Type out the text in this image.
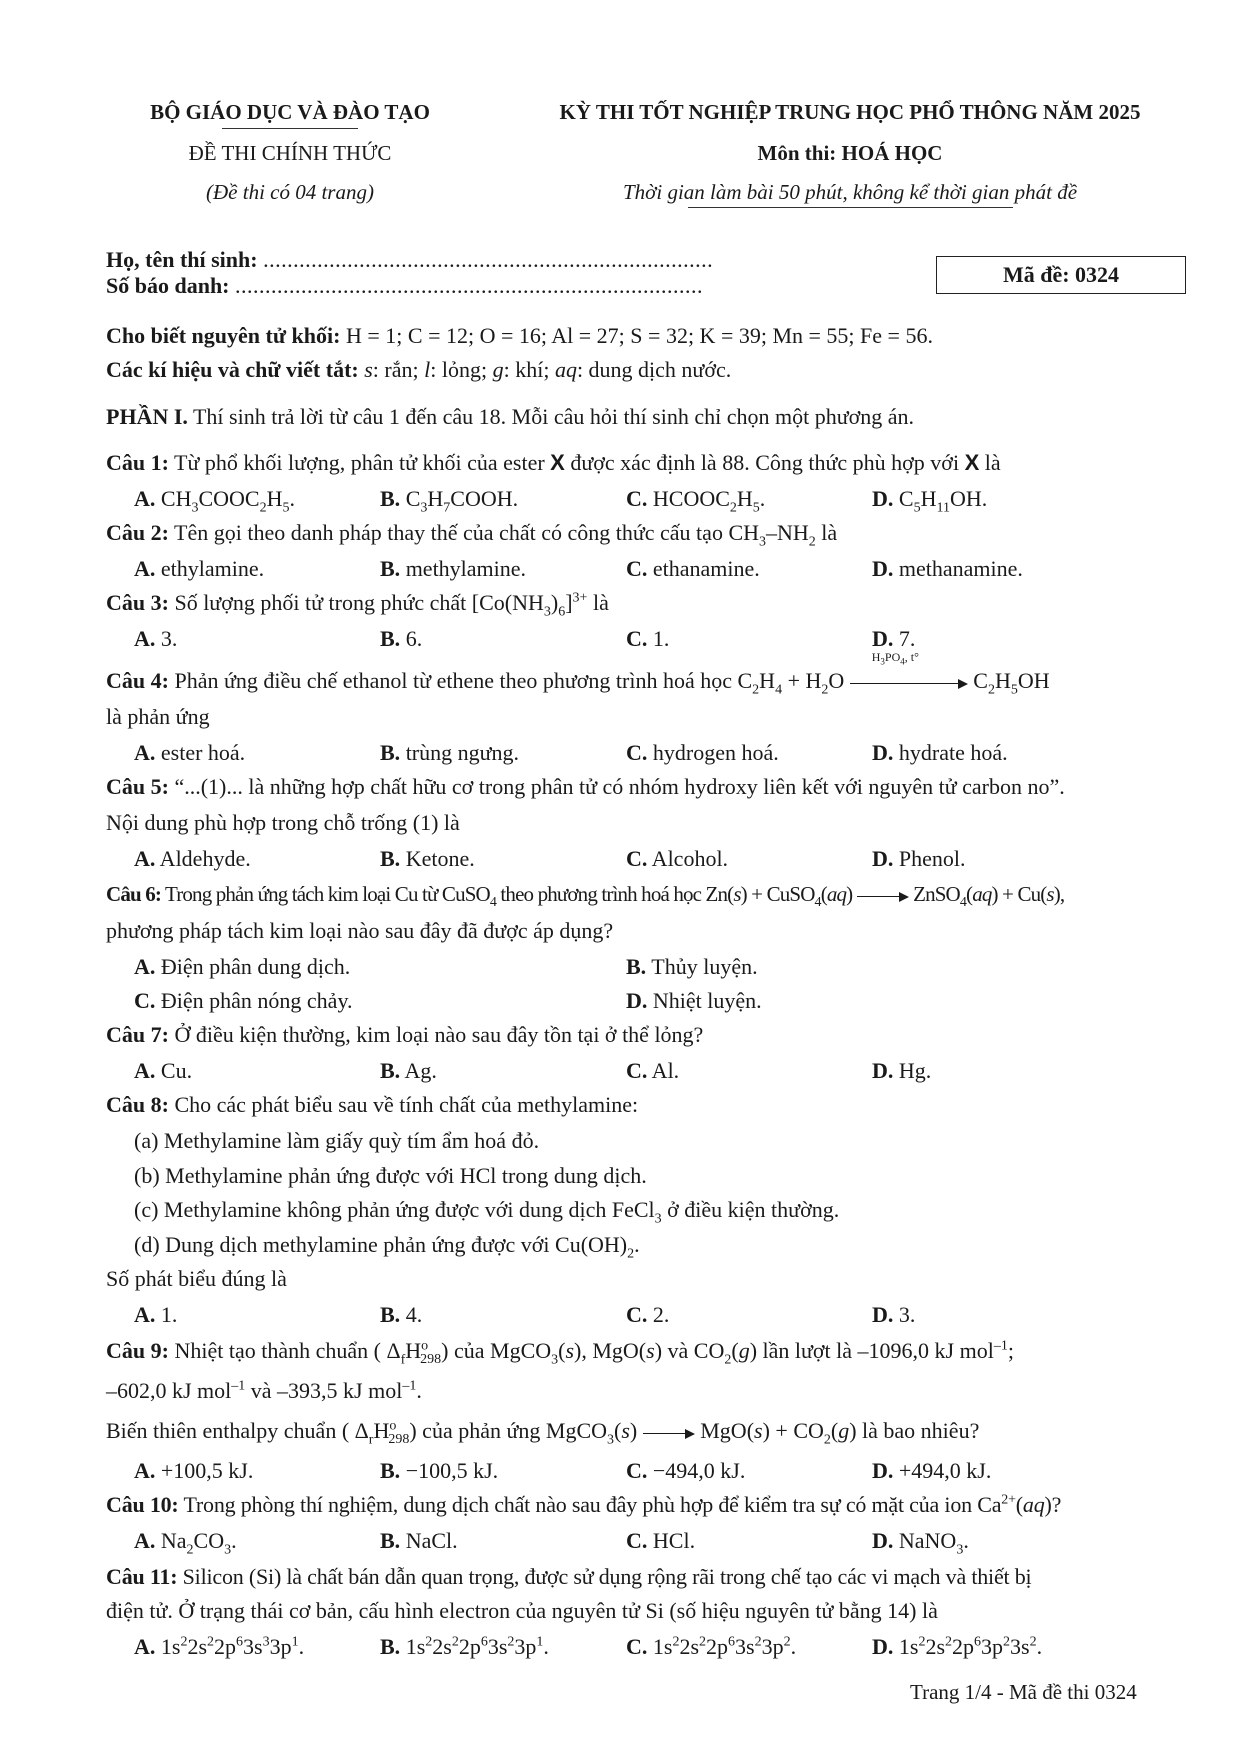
BỘ GIÁO DỤC VÀ ĐÀO TẠO
ĐỀ THI CHÍNH THỨC
(Đề thi có 04 trang)
KỲ THI TỐT NGHIỆP TRUNG HỌC PHỔ THÔNG NĂM 2025
Môn thi: HOÁ HỌC
Thời gian làm bài 50 phút, không kể thời gian phát đề
Họ, tên thí sinh: ...........................................................................
Số báo danh: ..............................................................................	Mã đề: 0324
Cho biết nguyên tử khối: H = 1; C = 12; O = 16; Al = 27; S = 32; K = 39; Mn = 55; Fe = 56.
Các kí hiệu và chữ viết tắt: s: rắn; l: lỏng; g: khí; aq: dung dịch nước.
PHẦN I. Thí sinh trả lời từ câu 1 đến câu 18. Mỗi câu hỏi thí sinh chỉ chọn một phương án.
Câu 1: Từ phổ khối lượng, phân tử khối của ester X được xác định là 88. Công thức phù hợp với X là
A. $CH_3COOC_2H_5$.	B. $C_3H_7COOH$.	C. $HCOOC_2H_5$.	D. $C_5H_{11}OH$.
Câu 2: Tên gọi theo danh pháp thay thế của chất có công thức cấu tạo $CH_3-NH_2$ là
A. ethylamine.	B. methylamine.	C. ethanamine.	D. methanamine.
Câu 3: Số lượng phối tử trong phức chất $[Co(NH_3)_6]^{3+}$ là
A. 3.	B. 6.	C. 1.	D. 7.
Câu 4: Phản ứng điều chế ethanol từ ethene theo phương trình hoá học $C_2H_4 + H_2O$
$H_3PO_4$, t°
$C_2H_5OH$
là phản ứng
A. ester hoá.	B. trùng ngưng.	C. hydrogen hoá.	D. hydrate hoá.
Câu 5: “...(1)... là những hợp chất hữu cơ trong phân tử có nhóm hydroxy liên kết với nguyên tử carbon no”.
Nội dung phù hợp trong chỗ trống (1) là
A. Aldehyde.	B. Ketone.	C. Alcohol.	D. Phenol.
Câu 6: Trong phản ứng tách kim loại Cu từ CuSO$_4$ theo phương trình hoá học Zn(s) + CuSO$_4$(aq)  ZnSO$_4$(aq) + Cu(s),
phương pháp tách kim loại nào sau đây đã được áp dụng?
A. Điện phân dung dịch.	B. Thủy luyện.
C. Điện phân nóng chảy.	D. Nhiệt luyện.
Câu 7: Ở điều kiện thường, kim loại nào sau đây tồn tại ở thể lỏng?
A. Cu.	B. Ag.	C. Al.	D. Hg.
Câu 8: Cho các phát biểu sau về tính chất của methylamine:
(a) Methylamine làm giấy quỳ tím ẩm hoá đỏ.
(b) Methylamine phản ứng được với HCl trong dung dịch.
(c) Methylamine không phản ứng được với dung dịch FeCl$_3$ ở điều kiện thường.
(d) Dung dịch methylamine phản ứng được với $Cu(OH)_2$.
Số phát biểu đúng là
A. 1.	B. 4.	C. 2.	D. 3.
Câu 9: Nhiệt tạo thành chuẩn ( $\Delta_fH^o_{298}$) của MgCO$_3$(s), MgO(s) và $CO_2(g)$ lần lượt là –1096,0 kJ mol$^{-1}$;
–602,0 kJ mol$^{-1}$ và –393,5 kJ mol$^{-1}$.
Biến thiên enthalpy chuẩn ( $\Delta_rH^o_{298}$) của phản ứng MgCO$_3$(s)  $MgO(s) + CO_2(g)$ là bao nhiêu?
A. +100,5 kJ.	B. −100,5 kJ.	C. −494,0 kJ.	D. +494,0 kJ.
Câu 10: Trong phòng thí nghiệm, dung dịch chất nào sau đây phù hợp để kiểm tra sự có mặt của ion $Ca^{2+}(aq)$?
A. $Na_2CO_3$.	B. NaCl.	C. HCl.	D. NaNO$_3$.
Câu 11: Silicon (Si) là chất bán dẫn quan trọng, được sử dụng rộng rãi trong chế tạo các vi mạch và thiết bị
điện tử. Ở trạng thái cơ bản, cấu hình electron của nguyên tử Si (số hiệu nguyên tử bằng 14) là
A. $1s^22s^22p^63s^33p^1$.	B. $1s^22s^22p^63s^23p^1$.	C. $1s^22s^22p^63s^23p^2$.	D. $1s^22s^22p^63p^23s^2$.
Trang 1/4 - Mã đề thi 0324
